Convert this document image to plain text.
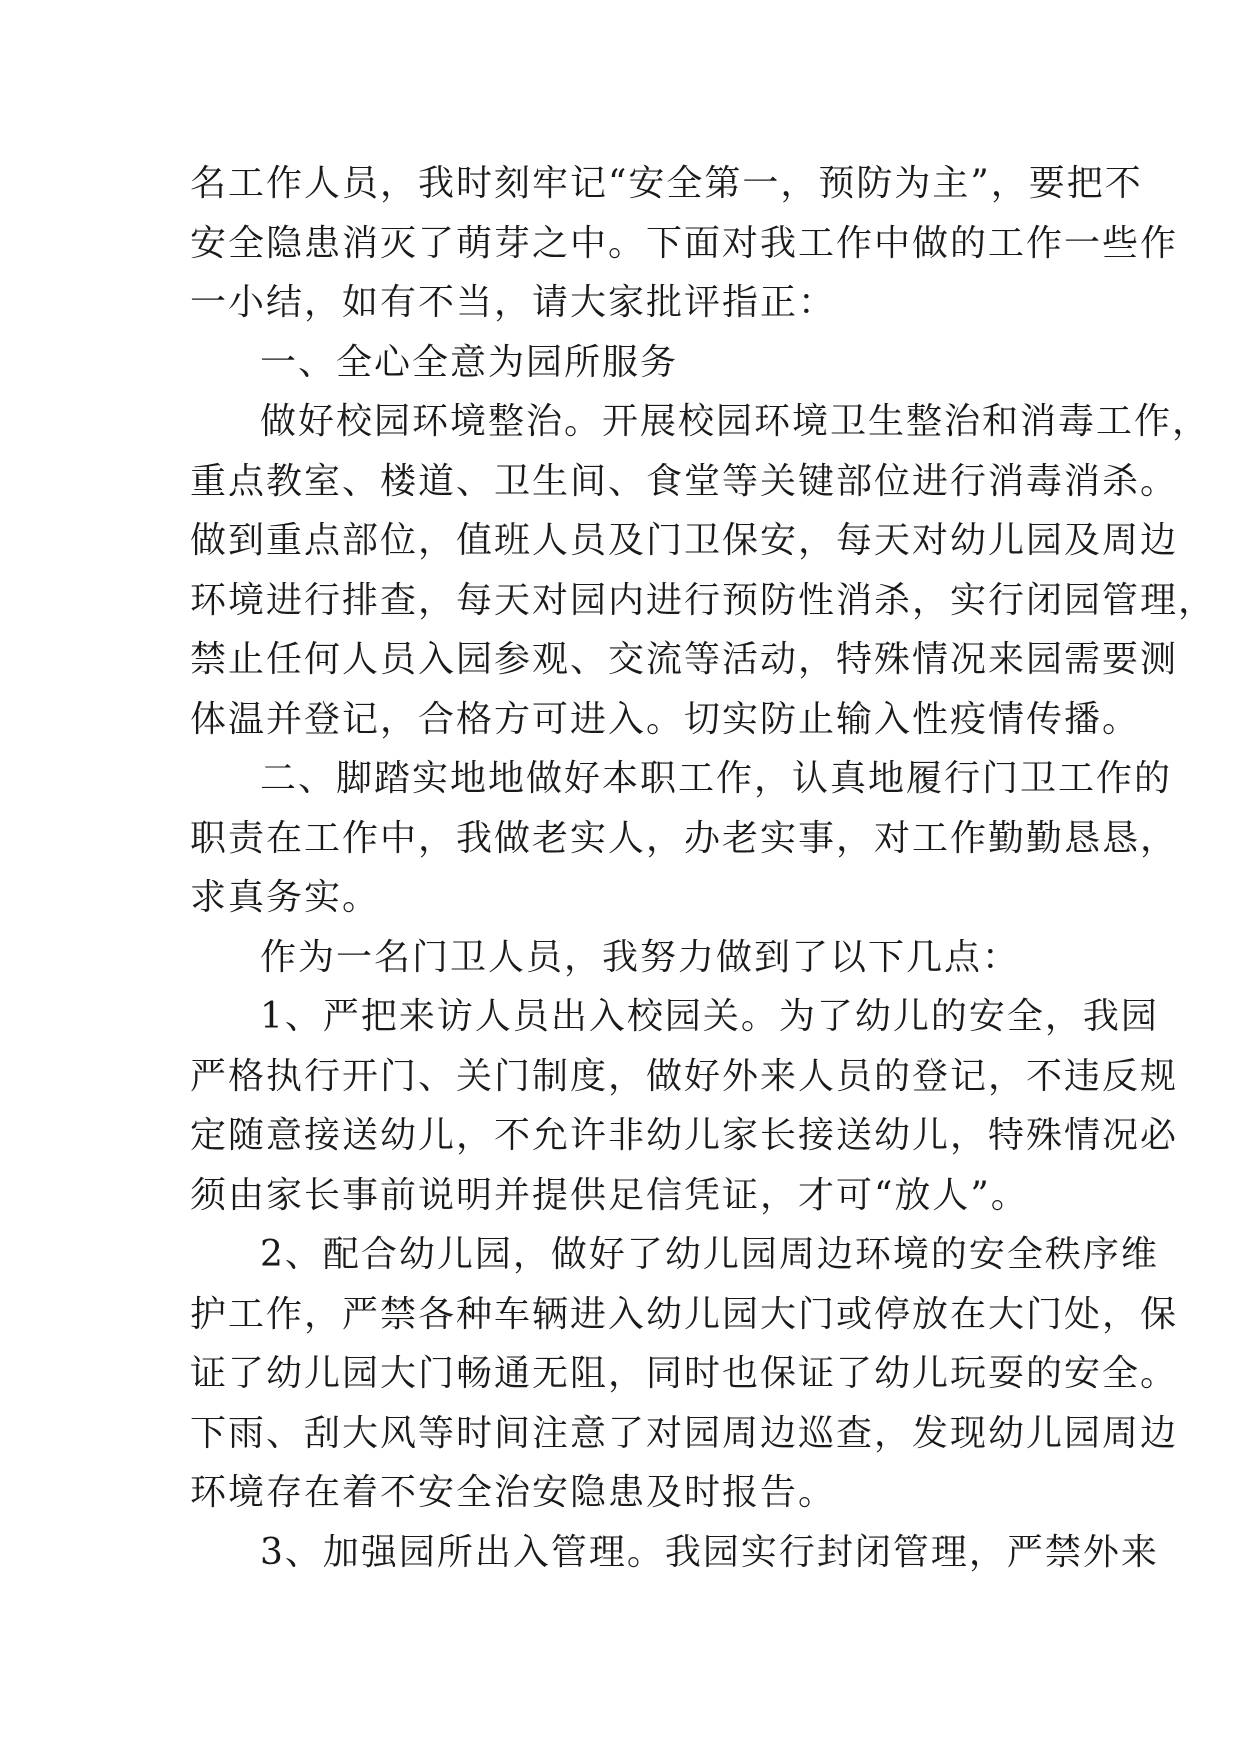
名工作人员，我时刻牢记“安全第一，预防为主”，要把不
安全隐患消灭了萌芽之中。下面对我工作中做的工作一些作
一小结，如有不当，请大家批评指正：
一、全心全意为园所服务
做好校园环境整治。开展校园环境卫生整治和消毒工作，
重点教室、楼道、卫生间、食堂等关键部位进行消毒消杀。
做到重点部位，值班人员及门卫保安，每天对幼儿园及周边
环境进行排查，每天对园内进行预防性消杀，实行闭园管理，
禁止任何人员入园参观、交流等活动，特殊情况来园需要测
体温并登记，合格方可进入。切实防止输入性疫情传播。
二、脚踏实地地做好本职工作，认真地履行门卫工作的
职责在工作中，我做老实人，办老实事，对工作勤勤恳恳，
求真务实。
作为一名门卫人员，我努力做到了以下几点：
1、严把来访人员出入校园关。为了幼儿的安全，我园
严格执行开门、关门制度，做好外来人员的登记，不违反规
定随意接送幼儿，不允许非幼儿家长接送幼儿，特殊情况必
须由家长事前说明并提供足信凭证，才可“放人”。
2、配合幼儿园，做好了幼儿园周边环境的安全秩序维
护工作，严禁各种车辆进入幼儿园大门或停放在大门处，保
证了幼儿园大门畅通无阻，同时也保证了幼儿玩耍的安全。
下雨、刮大风等时间注意了对园周边巡查，发现幼儿园周边
环境存在着不安全治安隐患及时报告。
3、加强园所出入管理。我园实行封闭管理，严禁外来
